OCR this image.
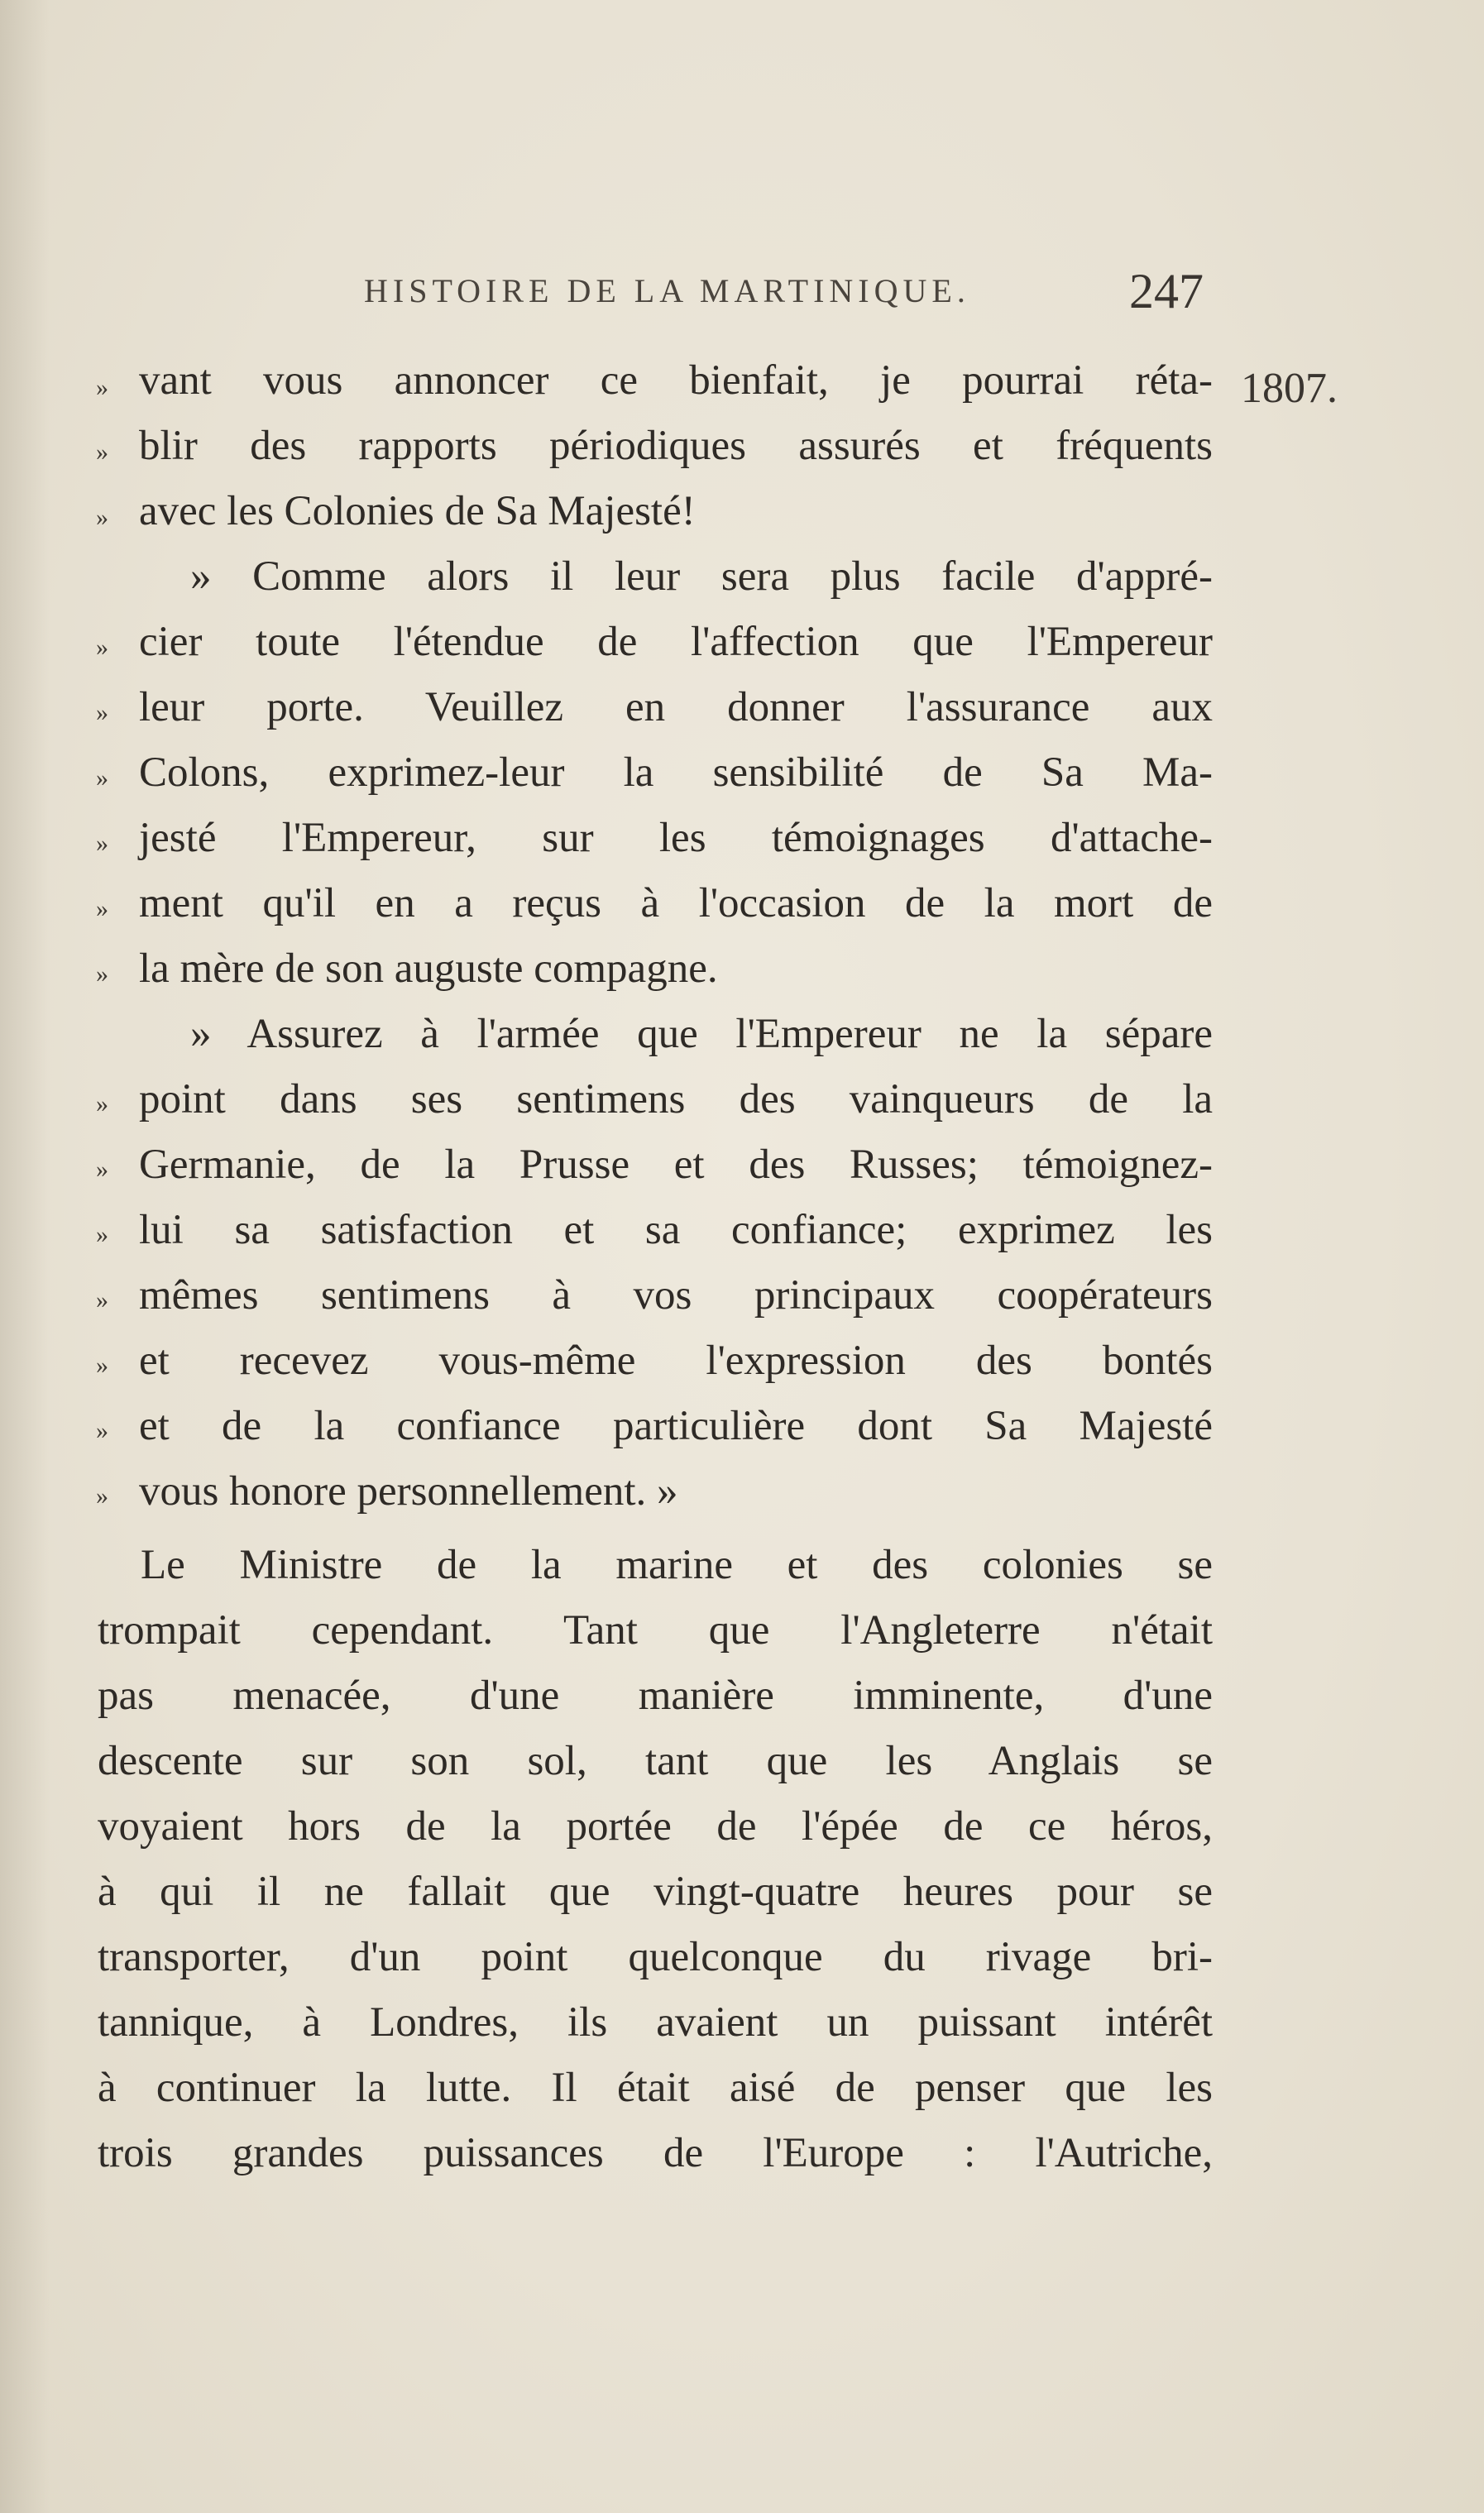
HISTOIRE DE LA MARTINIQUE.	247
1807.
»
»
»
»
»
»
»
»
»
»
»
»
»
»
»
»
vant vous annoncer ce bienfait, je pourrai réta-
blir des rapports périodiques assurés et fréquents
avec les Colonies de Sa Majesté!
» Comme alors il leur sera plus facile d'appré-
cier toute l'étendue de l'affection que l'Empereur
leur porte. Veuillez en donner l'assurance aux
Colons, exprimez-leur la sensibilité de Sa Ma-
jesté l'Empereur, sur les témoignages d'attache-
ment qu'il en a reçus à l'occasion de la mort de
la mère de son auguste compagne.
» Assurez à l'armée que l'Empereur ne la sépare
point dans ses sentimens des vainqueurs de la
Germanie, de la Prusse et des Russes; témoignez-
lui sa satisfaction et sa confiance; exprimez les
mêmes sentimens à vos principaux coopérateurs
et recevez vous-même l'expression des bontés
et de la confiance particulière dont Sa Majesté
vous honore personnellement. »
Le Ministre de la marine et des colonies se
trompait cependant. Tant que l'Angleterre n'était
pas menacée, d'une manière imminente, d'une
descente sur son sol, tant que les Anglais se
voyaient hors de la portée de l'épée de ce héros,
à qui il ne fallait que vingt-quatre heures pour se
transporter, d'un point quelconque du rivage bri-
tannique, à Londres, ils avaient un puissant intérêt
à continuer la lutte. Il était aisé de penser que les
trois grandes puissances de l'Europe : l'Autriche,
